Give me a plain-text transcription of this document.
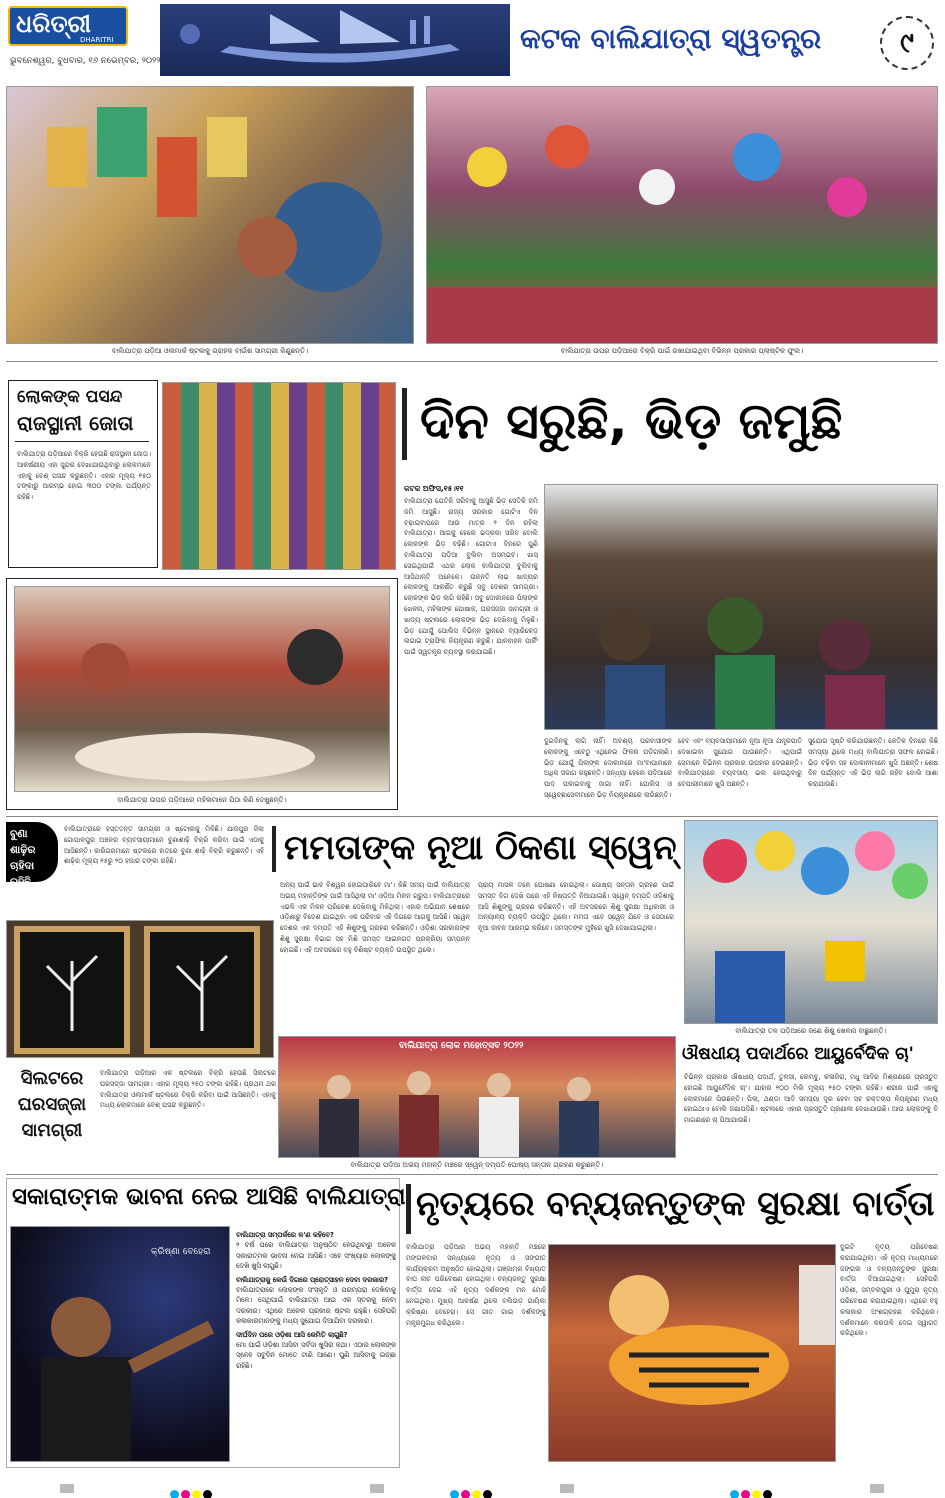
ଧରିତ୍ରୀ
DHARITRI
ଭୁବନେଶ୍ୱର, ବୁଧବାର, ୧୬ ନଭେମ୍ବର, ୨୦୨୨
କଟକ ବାଲିଯାତ୍ରା ସ୍ୱତନ୍ତ୍ର	୯
ବାଲିଯାତ୍ରା ପଡ଼ିଆ ଓଲମାର୍କ ଷ୍ଟଲକୁ ଗ୍ରାହକ ବାଉଁଶ ସାମଗ୍ରୀ କିଣୁଛନ୍ତି।	ବାଲିଯାତ୍ରା ଉପର ପଡ଼ିଆରେ ବିକ୍ରି ପାଇଁ ରଖାଯାଇଥିବା ବିଭିନ୍ନ ପ୍ରକାର ପ୍ଲାଷ୍ଟିକ ଫୁଲ।
ଲୋକଙ୍କ ପସନ୍ଦ
ରାଜସ୍ଥାନୀ ଜୋତା
ବାଲିଯାତ୍ରା ପଡ଼ିଆରେ ବିକ୍ରି ହେଉଛି ରାଜସ୍ଥାନୀ ଜୋତା। ଆକର୍ଷଣୀୟ ଏହା ସୁନ୍ଦର ଦେଖାଯାଉଥିବାରୁ ଲୋକମାନେ ଏହାକୁ ବେଶ୍ ପସନ୍ଦ କରୁଛନ୍ତି। ଏହାର ମୂଲ୍ୟ ୧୫୦ ଟଙ୍କାରୁ ଆରମ୍ଭ ହୋଇ ୩୦୦ ଟଙ୍କା ପର୍ଯ୍ୟନ୍ତ ରହିଛି।
ଦିନ ସରୁଛି, ଭିଡ଼ ଜମୁଛି
କଟକ ଅଫିସ,୧୫।୧୧
ବାଲିଯାତ୍ରା ଯେତିକି ସରିବାକୁ ଆସୁଛି ଭିଡ଼ ସେତିକି ଜମି ଜମି ଆସୁଛି। ରାଜ୍ୟ ସରକାର ଗୋଟିଏ ଦିନ ବଢ଼ାଇବାପରେ ଆଉ ମାତ୍ର ୨ ଦିନ ରହିଲା ବାଲିଯାତ୍ରା। ଆଗକୁ ହେଲେ ଭଦ୍ରକା ସରିବ ବୋଲି ଲୋକଙ୍କ ଭିଡ଼ ବଢ଼ିଛି। ଗୋଟାଏ ଦିନରେ ପୁଣି ବାଲିଯାତ୍ରା ପଡ଼ିଆ ବୁଲିବା ଅସମ୍ଭବ। ଖାସ୍ ସେଇଥିପାଇଁ ଏଥର ଲୋକ ବାଲିଯାତ୍ରା ବୁଲିବାକୁ ଆସିଥାନ୍ତି ଅନେକେ। ଉନ୍ନତି ଲାଭ ଖାଦ୍ୟର ଲୋକଙ୍କୁ ଆକର୍ଷିତ କରୁଛି ସବୁ ଦେଶର ସାମଗ୍ରୀ। ଲୋକଙ୍କ ଭିଡ଼ ଲାଗି ରହିଛି। ସବୁ ଦୋକାନରେ ପିଲାଙ୍କ ଖେଳନା, ମହିଳାଙ୍କ ପୋଷାକ, ଘରସଜ୍ଜା ସାମଗ୍ରୀ ଓ ଖାଦ୍ୟ ଷ୍ଟଲରେ ଲୋକଙ୍କ ଭିଡ଼ ଦେଖିବାକୁ ମିଳୁଛି। ଭିଡ଼ ଯୋଗୁଁ ପୋଲିସ ବିଭିନ୍ନ ସ୍ଥାନରେ ବ୍ୟାରିକେଡ଼ ଲଗାଇ ଟ୍ରାଫିକ ନିୟନ୍ତ୍ରଣ କରୁଛି। ଯାନବାହନ ପାର୍କିଂ ପାଇଁ ସ୍ୱତନ୍ତ୍ର ବ୍ୟବସ୍ଥା କରାଯାଇଛି।
ଦୁଇଦିନକୁ ଲାଗି ନାହିଁ। ଅବଶ୍ୟ ପରବାସୀଙ୍କ ଲୋକଙ୍କୁ ଏବେଠୁ ଏଥିନେଇ ଫିକର ପଡ଼ିଗଲାଣି। ଭିଡ଼ ଯୋଗୁଁ ପିଲାଙ୍କ ଦୋକାନରେ ମା'ବାପାମାନେ ଅଧିକ ସଜାଗ ରହୁଛନ୍ତି। ସନ୍ଧ୍ୟା ହେଲେ ପଡ଼ିଆରେ ପାଦ ପକାଇବାକୁ ଜାଗା ନାହିଁ। ପୋଲିସ ଓ ସ୍ୱେଚ୍ଛାସେବୀମାନେ ଭିଡ଼ ନିୟନ୍ତ୍ରଣରେ ଲାଗିଛନ୍ତି।
ହେବ ଏବଂ ବ୍ୟବସାୟୀମାନେ ନୂଆ ନୂଆ ଯନ୍ତ୍ରପାତି ଦେଖାଇବା ସୁଯୋଗ ପାଉଛନ୍ତି। ଏଥିପାଇଁ ସେମାନେ ବିଭିନ୍ନ ପ୍ରକାର ଉପହାର ଦେଉଛନ୍ତି। ବାଲିଯାତ୍ରାରେ ବ୍ୟବସାୟ ଭଲ ହେଉଥିବାରୁ ବେପାରୀମାନେ ଖୁସି ଅଛନ୍ତି।
ସୁଯୋଗ ସୃଷ୍ଟି କରିଯାଉଛନ୍ତି। କେତିକ ଦିନରେ କିଛି ସମସ୍ୟା ଥିଲେ ମଧ୍ୟ ବାଲିଯାତ୍ରା ସଫଳ ହୋଇଛି। ଭିଡ଼ ବଢ଼ିବା ସହ ଦୋକାନୀମାନେ ଖୁସି ଅଛନ୍ତି। ଶେଷ ଦିନ ପର୍ଯ୍ୟନ୍ତ ଏହି ଭିଡ଼ ଲାଗି ରହିବ ବୋଲି ଆଶା କରାଯାଉଛି।
ବାଲିଯାତ୍ରା ଉପର ପଡ଼ିଆରେ ମହିଳାମାନେ ପିଠା କିଣି ଦେଖୁଛନ୍ତି।
ବୁଣା ଶାଢ଼ିର ଚାହିଦା ରହିଛି
ବାଲିଯାତ୍ରାରେ ହସ୍ତତନ୍ତ ସାମଗ୍ରୀ ଓ ଷ୍ଟୋଲକୁ ମିଳିଛି। ଯାଜପୁର ଜିଲା ଗୋପାଳପୁର ଅଞ୍ଚଳର ବ୍ୟବସାୟୀମାନେ ବୁଣାଶାଢ଼ି ବିକ୍ରି କରିବା ପାଇଁ ଏଠାକୁ ଆସିଛନ୍ତି। କାରିଗରମାନେ ଷ୍ଟଲରେ ହାତରେ ବୁଣା ଶାଢ଼ି ବିକ୍ରି କରୁଛନ୍ତି। ଏହି ଶାଢ଼ିର ମୂଲ୍ୟ ୧୫ରୁ ୨୦ ହଜାର ଟଙ୍କା ରହିଛି।	ମମତାଙ୍କ ନୂଆ ଠିକଣା ସ୍ୱେନ୍
ଅନ୍ୟ ପାଇଁ ଭାବ ବିଶ୍ୱର ହୋଇପାରିବେ ମା'। କିଛି ସମୟ ପାଇଁ ବାଲିଯାତ୍ରା ଅଭୟ ମହାନ୍ତିଙ୍କ ପାଇଁ ଆସିଥିଲା ମା' ଓଡ଼ିଆ ମିଳନ ଗ୍ରୁପ। ବାଲିଯାତ୍ରାରେ ଏଭଳି ଏକ ମିଳନ ପରିବେଶ ଦେଖିବାକୁ ମିଳିଥିଲା। ଏହାର ଅଭିଯାନ ଶେଷରେ ଓଡ଼ିଶାରୁ ବିଦେଶ ଯାଇଥିବା ଏକ ପରିବାର ଏହି ଦିଗରେ ଆଗକୁ ଆସିଛି। ସ୍ୱେନ୍ ଦେଶର ଏକ ଦମ୍ପତି ଏହି ଶିଶୁଙ୍କୁ ଗ୍ରହଣ କରିଛନ୍ତି। ଓଡ଼ିଶା ସରକାରଙ୍କ ଶିଶୁ ସୁରକ୍ଷା ବିଭାଗ ସହ ମିଶି ସମସ୍ତ ଆଇନଗତ ପ୍ରକ୍ରିୟା ସମ୍ପନ୍ନ ହୋଇଛି। ଏହି ଅବସରରେ ବହୁ ବିଶିଷ୍ଟ ବ୍ୟକ୍ତି ଉପସ୍ଥିତ ଥିଲେ।
ପ୍ରାୟ ମାସକ ତଳେ ଘୋଷଣା ହୋଇଥିଲା। ପୋଷ୍ୟ ସନ୍ତାନ ଗ୍ରହଣ ପାଇଁ ସମସ୍ତ ଦିଗ ଦେଖି ପରେ ଏହି ନିଷ୍ପତ୍ତି ନିଆଯାଇଛି। ସ୍ୱେନ୍ ଦମ୍ପତି ଓଡ଼ିଶାକୁ ଆସି ଶିଶୁଙ୍କୁ ଗ୍ରହଣ କରିଛନ୍ତି। ଏହି ଅବସରରେ ଶିଶୁ ସୁରକ୍ଷା ଅଧିକାରୀ ଓ ଅନ୍ୟାନ୍ୟ ବ୍ୟକ୍ତି ଉପସ୍ଥିତ ଥିଲେ। ମମତା ଏବେ ସ୍ୱେନ୍ ଯିବେ ଓ ସେଠାରେ ନୂଆ ଜୀବନ ଆରମ୍ଭ କରିବେ। ସମସ୍ତଙ୍କ ମୁହଁରେ ଖୁସି ଦେଖାଯାଇଥିଲା।
ବାଲିଯାତ୍ରା ତଳ ପଡ଼ିଆରେ ଜଣେ ଶିଶୁ ଖେଳନା ବାଛୁଛନ୍ତି।
ସିଲଟରେ ଘରସଜ୍ଜା ସାମଗ୍ରୀ
ବାଲିଯାତ୍ରା ପଡ଼ିଆର ଏକ ଷ୍ଟଲରେ ବିକ୍ରି ହେଉଛି ସିଲଟରେ ଘରସଜ୍ଜା ସାମଗ୍ରୀ। ଏହାର ମୂଲ୍ୟ ୨୫୦ ଟଙ୍କା ରହିଛି। ପ୍ରଥମ ଥର ବାଲିଯାତ୍ରା ଓଲମାର୍କ ଷ୍ଟଲରେ ବିକ୍ରି କରିବା ପାଇଁ ଆସିଛନ୍ତି। ଏହାକୁ ମଧ୍ୟ ଲୋକମାନେ ବେଶ୍ ପସନ୍ଦ କରୁଛନ୍ତି।
ବାଲିଯାତ୍ରା ଲୋକ ମହୋତ୍ସବ ୨୦୨୨
ବାଲିଯାତ୍ରା ପଡ଼ିଆ ଅଭୟ ମହାନ୍ତି ମଞ୍ଚରେ ସ୍ୱେନ୍ ଦମ୍ପତି ପୋଷ୍ୟ ସନ୍ତାନ ଗ୍ରହଣ କରୁଛନ୍ତି।
ଔଷଧୀୟ ପଦାର୍ଥରେ ଆୟୁର୍ବେଦିକ ଚା'
ବିଭିନ୍ନ ପ୍ରକାର ଔଷଧୀୟ ପଦାର୍ଥ, ତୁଳସୀ, ଲେମ୍ବୁ, କଳାଜିରା, ମଧୁ ଆଦିର ମିଶ୍ରଣରେ ପ୍ରସ୍ତୁତ ହୋଇଛି ଆୟୁର୍ବେଦିକ ଚା'। ଯାହାର ୧୦୦ ମିଲି ମୂଲ୍ୟ ୧୫୦ ଟଙ୍କା ରହିଛି। ଶରୀର ପାଇଁ ଏହାକୁ ଲୋକମାନେ ପିଉଛନ୍ତି। ପିଲା, ଥଣ୍ଡା ଆଦି ସମସ୍ୟା ଦୂର ହେବା ସହ ରକ୍ତଚାପ ନିୟନ୍ତ୍ରଣ ମଧ୍ୟ ହୋଇଥାଏ ବୋଲି ଜଣାପଡ଼ିଛି। ଷ୍ଟଲରେ ଏହାର ପ୍ରସ୍ତୁତି ପ୍ରଣାଳୀ ଦେଖାଯାଉଛି। ଆଉ ଲୋକଙ୍କୁ ବି ମାଗଣାରେ ଚା ପିଆଯାଉଛି।
ସକାରାତ୍ମକ ଭାବନା ନେଇ ଆସିଛି ବାଲିଯାତ୍ରା
କ୍ରିଷ୍ଣା ବେହେରା
ବାଲିଯାତ୍ରା ସମ୍ପର୍କରେ କ'ଣ କହିବେ?
୨ ବର୍ଷ ପରେ ବାଲିଯାତ୍ରା ଅନୁଷ୍ଠିତ ହେଉଥିବାରୁ ଅନେକ ସକାରାତ୍ମକ ଭାବନା ନେଇ ଆସିଛି। ଏହେ ସଂଖ୍ୟାର ଲୋକଙ୍କୁ ଦେଖି ଖୁସି ଲାଗୁଛି।
ବାଲିଯାତ୍ରାକୁ କେଉଁ ଦିଗରେ ପ୍ରୋତ୍ସାହନ ଦେବା ଦରକାର?
ବାଲିଯାତ୍ରାରେ ଲୋକଙ୍କ ସଂସ୍କୃତି ଓ ପରମ୍ପରା ଦେଖିବାକୁ ମିଳେ। ସେଥିପାଇଁ ବାଲିଯାତ୍ରା ଆଉ ଏକ ସ୍ତରକୁ ନେବା ଦରକାର। ଏଥିରେ ଅନେକ ପ୍ରକାର ଷ୍ଟଲ ରହୁଛି। ସେହିପରି କଳାକାରମାନଙ୍କୁ ମଧ୍ୟ ସୁଯୋଗ ଦିଆଯିବା ଦରକାର।
ଦୀର୍ଘଦିନ ପରେ ଓଡ଼ିଶା ଆସି କେମିତି ଲାଗୁଛି?
ମୋ ପାଇଁ ଓଡ଼ିଶା ଆସିବା ସର୍ବଦା ଖୁସିର କଥା। ଏଠାର ଲୋକଙ୍କ ସ୍ନେହ ସବୁଦିନ ମୋତେ ଟାଣି ଆଣେ। ପୁଣି ଆସିବାକୁ ଇଚ୍ଛା ରହିଛି।
ନୃତ୍ୟରେ ବନ୍ୟଜନ୍ତୁଙ୍କ ସୁରକ୍ଷା ବାର୍ତ୍ତା
ବାଲିଯାତ୍ରା ପଡ଼ିଆର ଅଭୟ ମହାନ୍ତି ମଞ୍ଚରେ ମଙ୍ଗଳବାର ସନ୍ଧ୍ୟାରେ ନୃତ୍ୟ ଓ ସଙ୍ଗୀତ କାର୍ଯ୍ୟକ୍ରମ ଅନୁଷ୍ଠିତ ହୋଇଥିଲା। ଗଞ୍ଜାମର ବିଖ୍ୟାତ ବାଘ ନାଚ ପରିବେଷଣ ହୋଇଥିଲା। ବନ୍ୟଜନ୍ତୁ ସୁରକ୍ଷା ବାର୍ତ୍ତା ଦେଇ ଏହି ନୃତ୍ୟ ଦର୍ଶକଙ୍କ ମନ ମୋହି ନେଇଥିଲା। ମୁଖ୍ୟ ଆକର୍ଷଣ ଥିଲେ ବଲିଉଡ଼ ଗାୟିକା କ୍ରିଷ୍ଣା ବେହେରା। ସେ ଗୀତ ଗାଇ ଦର୍ଶକଙ୍କୁ ମନ୍ତ୍ରମୁଗ୍ଧ କରିଥିଲେ।
ଦୁଇଟି ନୃତ୍ୟ ପରିବେଷଣ କରାଯାଇଥିଲା। ଏହି ନୃତ୍ୟ ମାଧ୍ୟମରେ ଜଙ୍ଗଲ ଓ ବନ୍ୟଜନ୍ତୁଙ୍କ ସୁରକ୍ଷା ବାର୍ତ୍ତା ଦିଆଯାଇଥିଲା। ସେହିପରି ଓଡ଼ିଶୀ, ସମ୍ବଲପୁରୀ ଓ ଘୁମୁରା ନୃତ୍ୟ ପରିବେଷଣ କରାଯାଇଥିଲା। ଏଥିରେ ବହୁ କଳାକାର ଅଂଶଗ୍ରହଣ କରିଥିଲେ। ଦର୍ଶକମାନେ କରତାଳି ଦେଇ ସ୍ୱାଗତ କରିଥିଲେ।
